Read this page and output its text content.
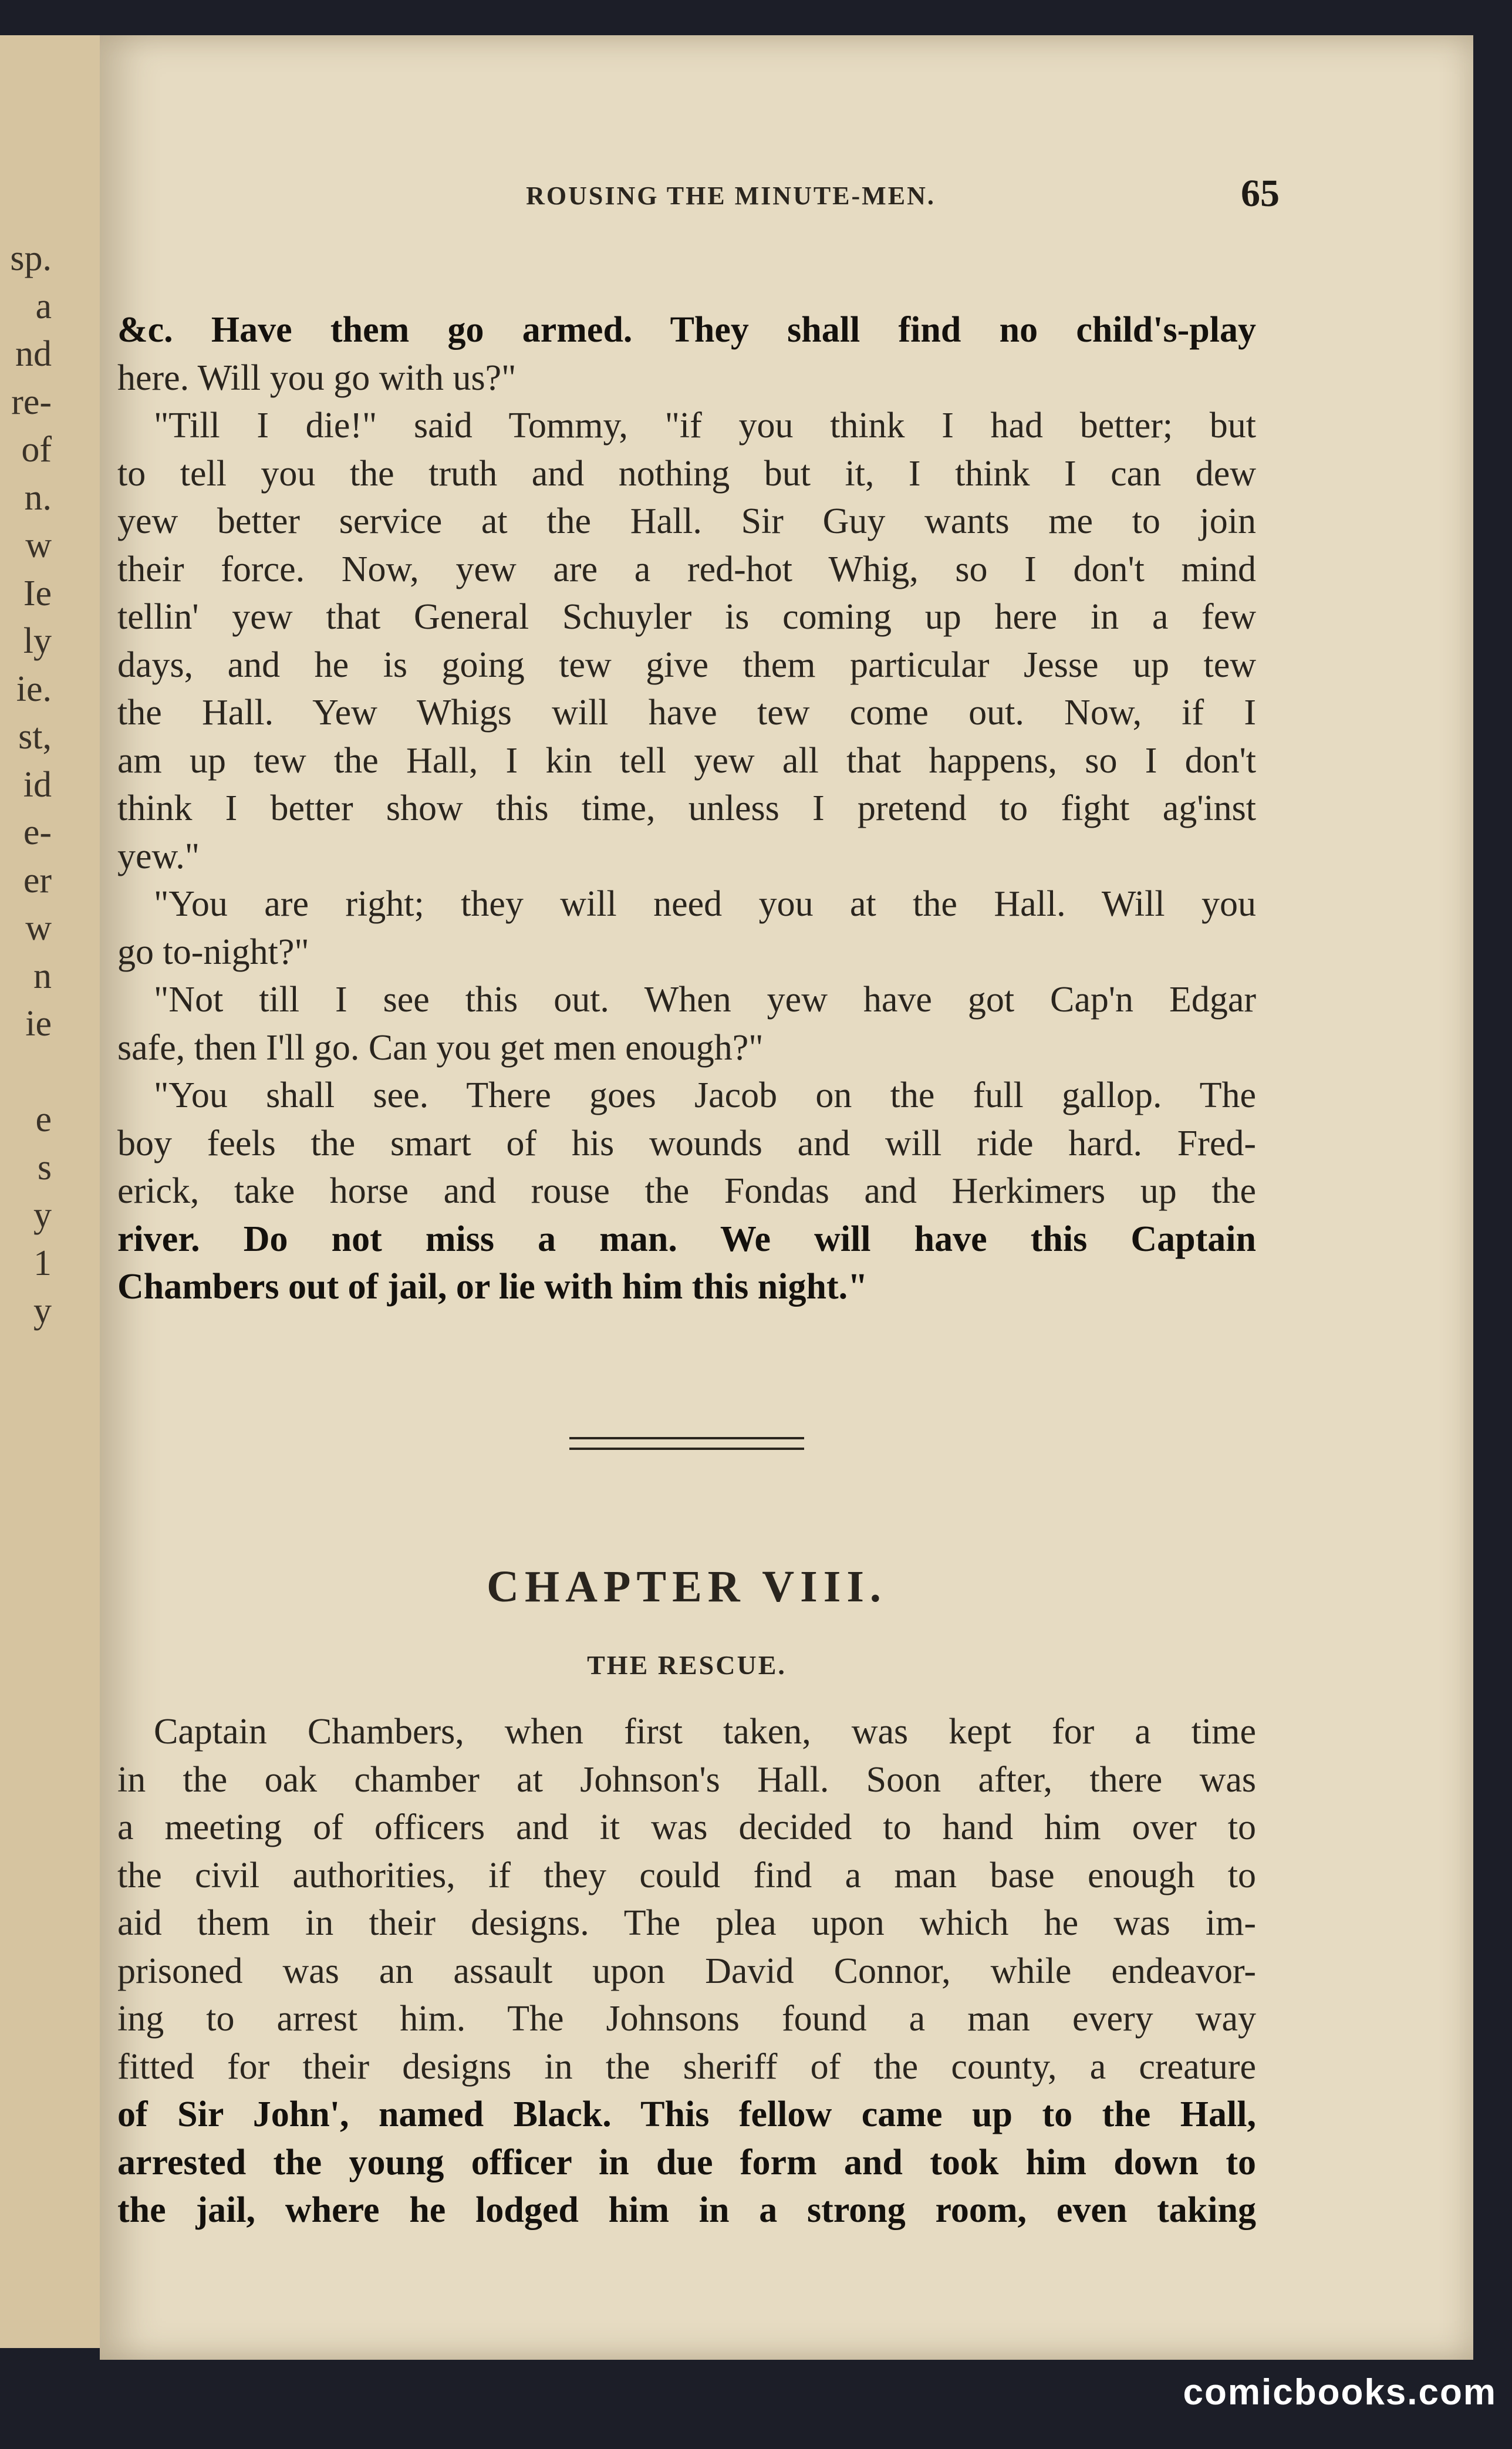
sp.
a
nd
re-
of
n.
w
Ie
ly
ie.
st,
id
e-
er
w
n
ie
e
s
y
1
y
ROUSING THE MINUTE-MEN.	65
&c. Have them go armed. They shall find no child's-play
here. Will you go with us?"
"Till I die!" said Tommy, "if you think I had better; but
to tell you the truth and nothing but it, I think I can dew
yew better service at the Hall. Sir Guy wants me to join
their force. Now, yew are a red-hot Whig, so I don't mind
tellin' yew that General Schuyler is coming up here in a few
days, and he is going tew give them particular Jesse up tew
the Hall. Yew Whigs will have tew come out. Now, if I
am up tew the Hall, I kin tell yew all that happens, so I don't
think I better show this time, unless I pretend to fight ag'inst
yew."
"You are right; they will need you at the Hall. Will you
go to-night?"
"Not till I see this out. When yew have got Cap'n Edgar
safe, then I'll go. Can you get men enough?"
"You shall see. There goes Jacob on the full gallop. The
boy feels the smart of his wounds and will ride hard. Fred-
erick, take horse and rouse the Fondas and Herkimers up the
river. Do not miss a man. We will have this Captain
Chambers out of jail, or lie with him this night."
CHAPTER VIII.
THE RESCUE.
Captain Chambers, when first taken, was kept for a time
in the oak chamber at Johnson's Hall. Soon after, there was
a meeting of officers and it was decided to hand him over to
the civil authorities, if they could find a man base enough to
aid them in their designs. The plea upon which he was im-
prisoned was an assault upon David Connor, while endeavor-
ing to arrest him. The Johnsons found a man every way
fitted for their designs in the sheriff of the county, a creature
of Sir John', named Black. This fellow came up to the Hall,
arrested the young officer in due form and took him down to
the jail, where he lodged him in a strong room, even taking
comicbooks.com
